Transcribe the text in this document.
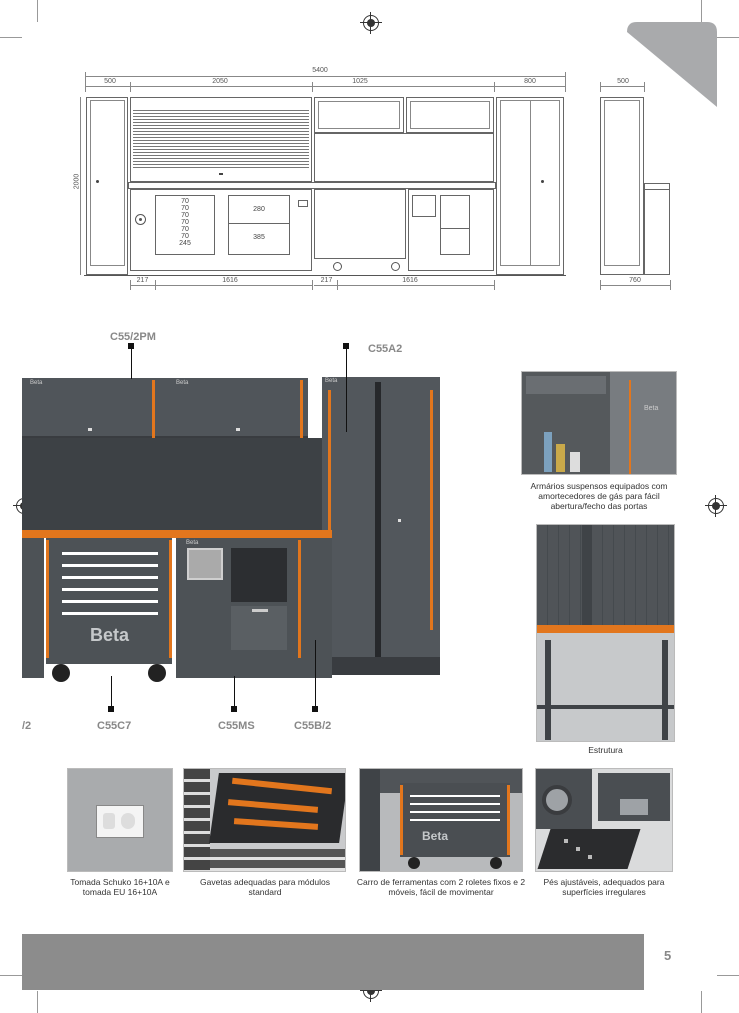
5400
500	2050	1025	800
2000
70
70
70
70
70
70
245
280
385
217	1616	217	1616
500
760
Beta	Beta	Beta
Beta
Beta
C55/2PM
C55A2
C55C7	C55MS	C55B/2
/2
Beta
Armários suspensos equipados com amortecedores de gás para fácil abertura/fecho das portas
Estrutura
Tomada Schuko 16+10A e tomada EU 16+10A
Gavetas adequadas para módulos standard
Beta
Carro de ferramentas com 2 roletes fixos e 2 móveis, fácil de movimentar
Pés ajustáveis, adequados para superfícies irregulares
5
